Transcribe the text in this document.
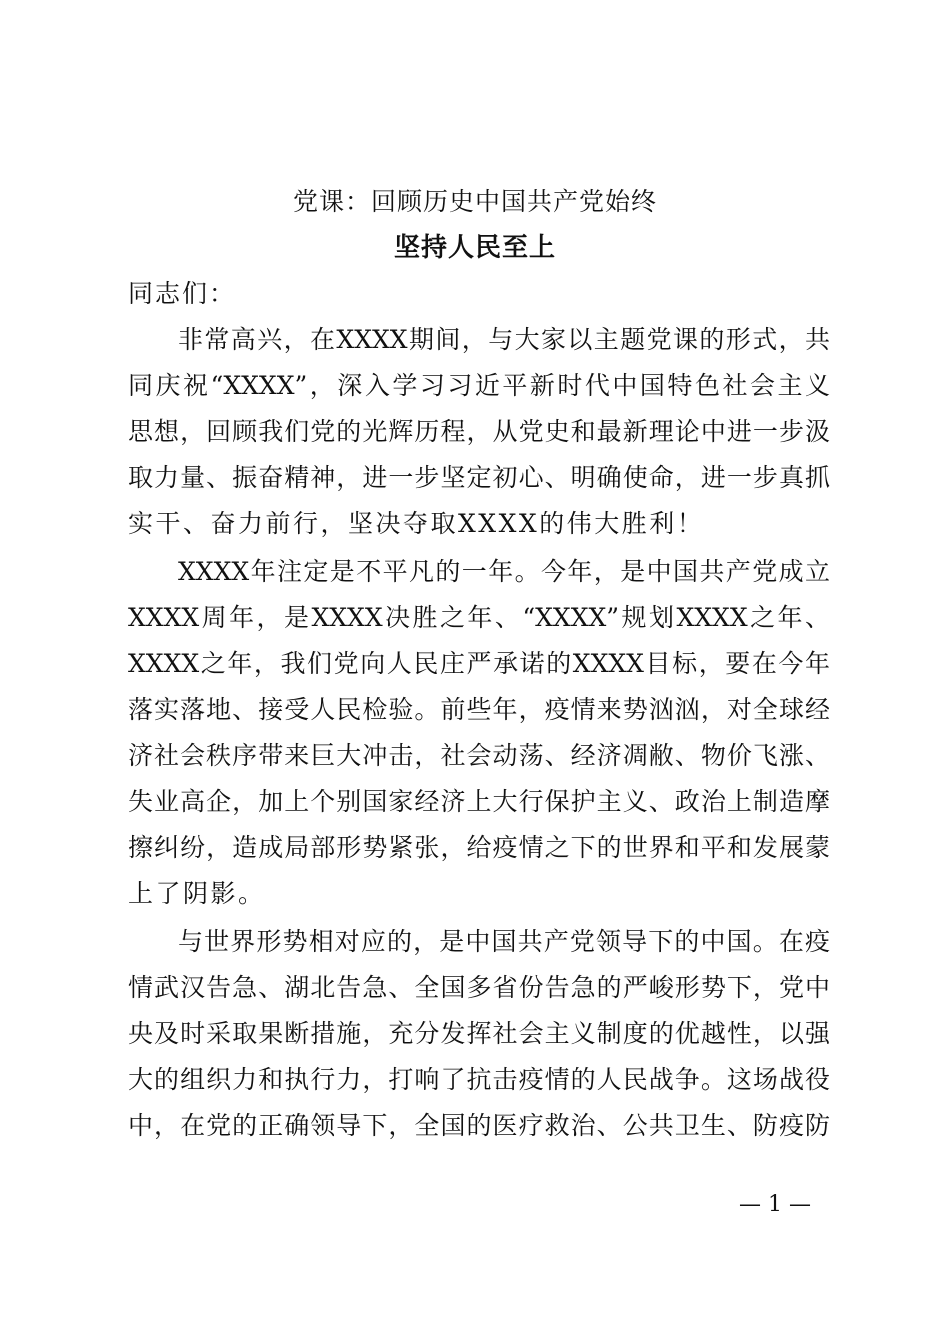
党课：回顾历史中国共产党始终
坚持人民至上
同志们：
非常高兴，在XXXX期间，与大家以主题党课的形式，共
同庆祝“XXXX”，深入学习习近平新时代中国特色社会主义
思想，回顾我们党的光辉历程，从党史和最新理论中进一步汲
取力量、振奋精神，进一步坚定初心、明确使命，进一步真抓
实干、奋力前行，坚决夺取XXXX的伟大胜利！
XXXX年注定是不平凡的一年。今年，是中国共产党成立
XXXX周年，是XXXX决胜之年、“XXXX”规划XXXX之年、
XXXX之年，我们党向人民庄严承诺的XXXX目标，要在今年
落实落地、接受人民检验。前些年，疫情来势汹汹，对全球经
济社会秩序带来巨大冲击，社会动荡、经济凋敝、物价飞涨、
失业高企，加上个别国家经济上大行保护主义、政治上制造摩
擦纠纷，造成局部形势紧张，给疫情之下的世界和平和发展蒙
上了阴影。
与世界形势相对应的，是中国共产党领导下的中国。在疫
情武汉告急、湖北告急、全国多省份告急的严峻形势下，党中
央及时采取果断措施，充分发挥社会主义制度的优越性，以强
大的组织力和执行力，打响了抗击疫情的人民战争。这场战役
中，在党的正确领导下，全国的医疗救治、公共卫生、防疫防
— 1 —
